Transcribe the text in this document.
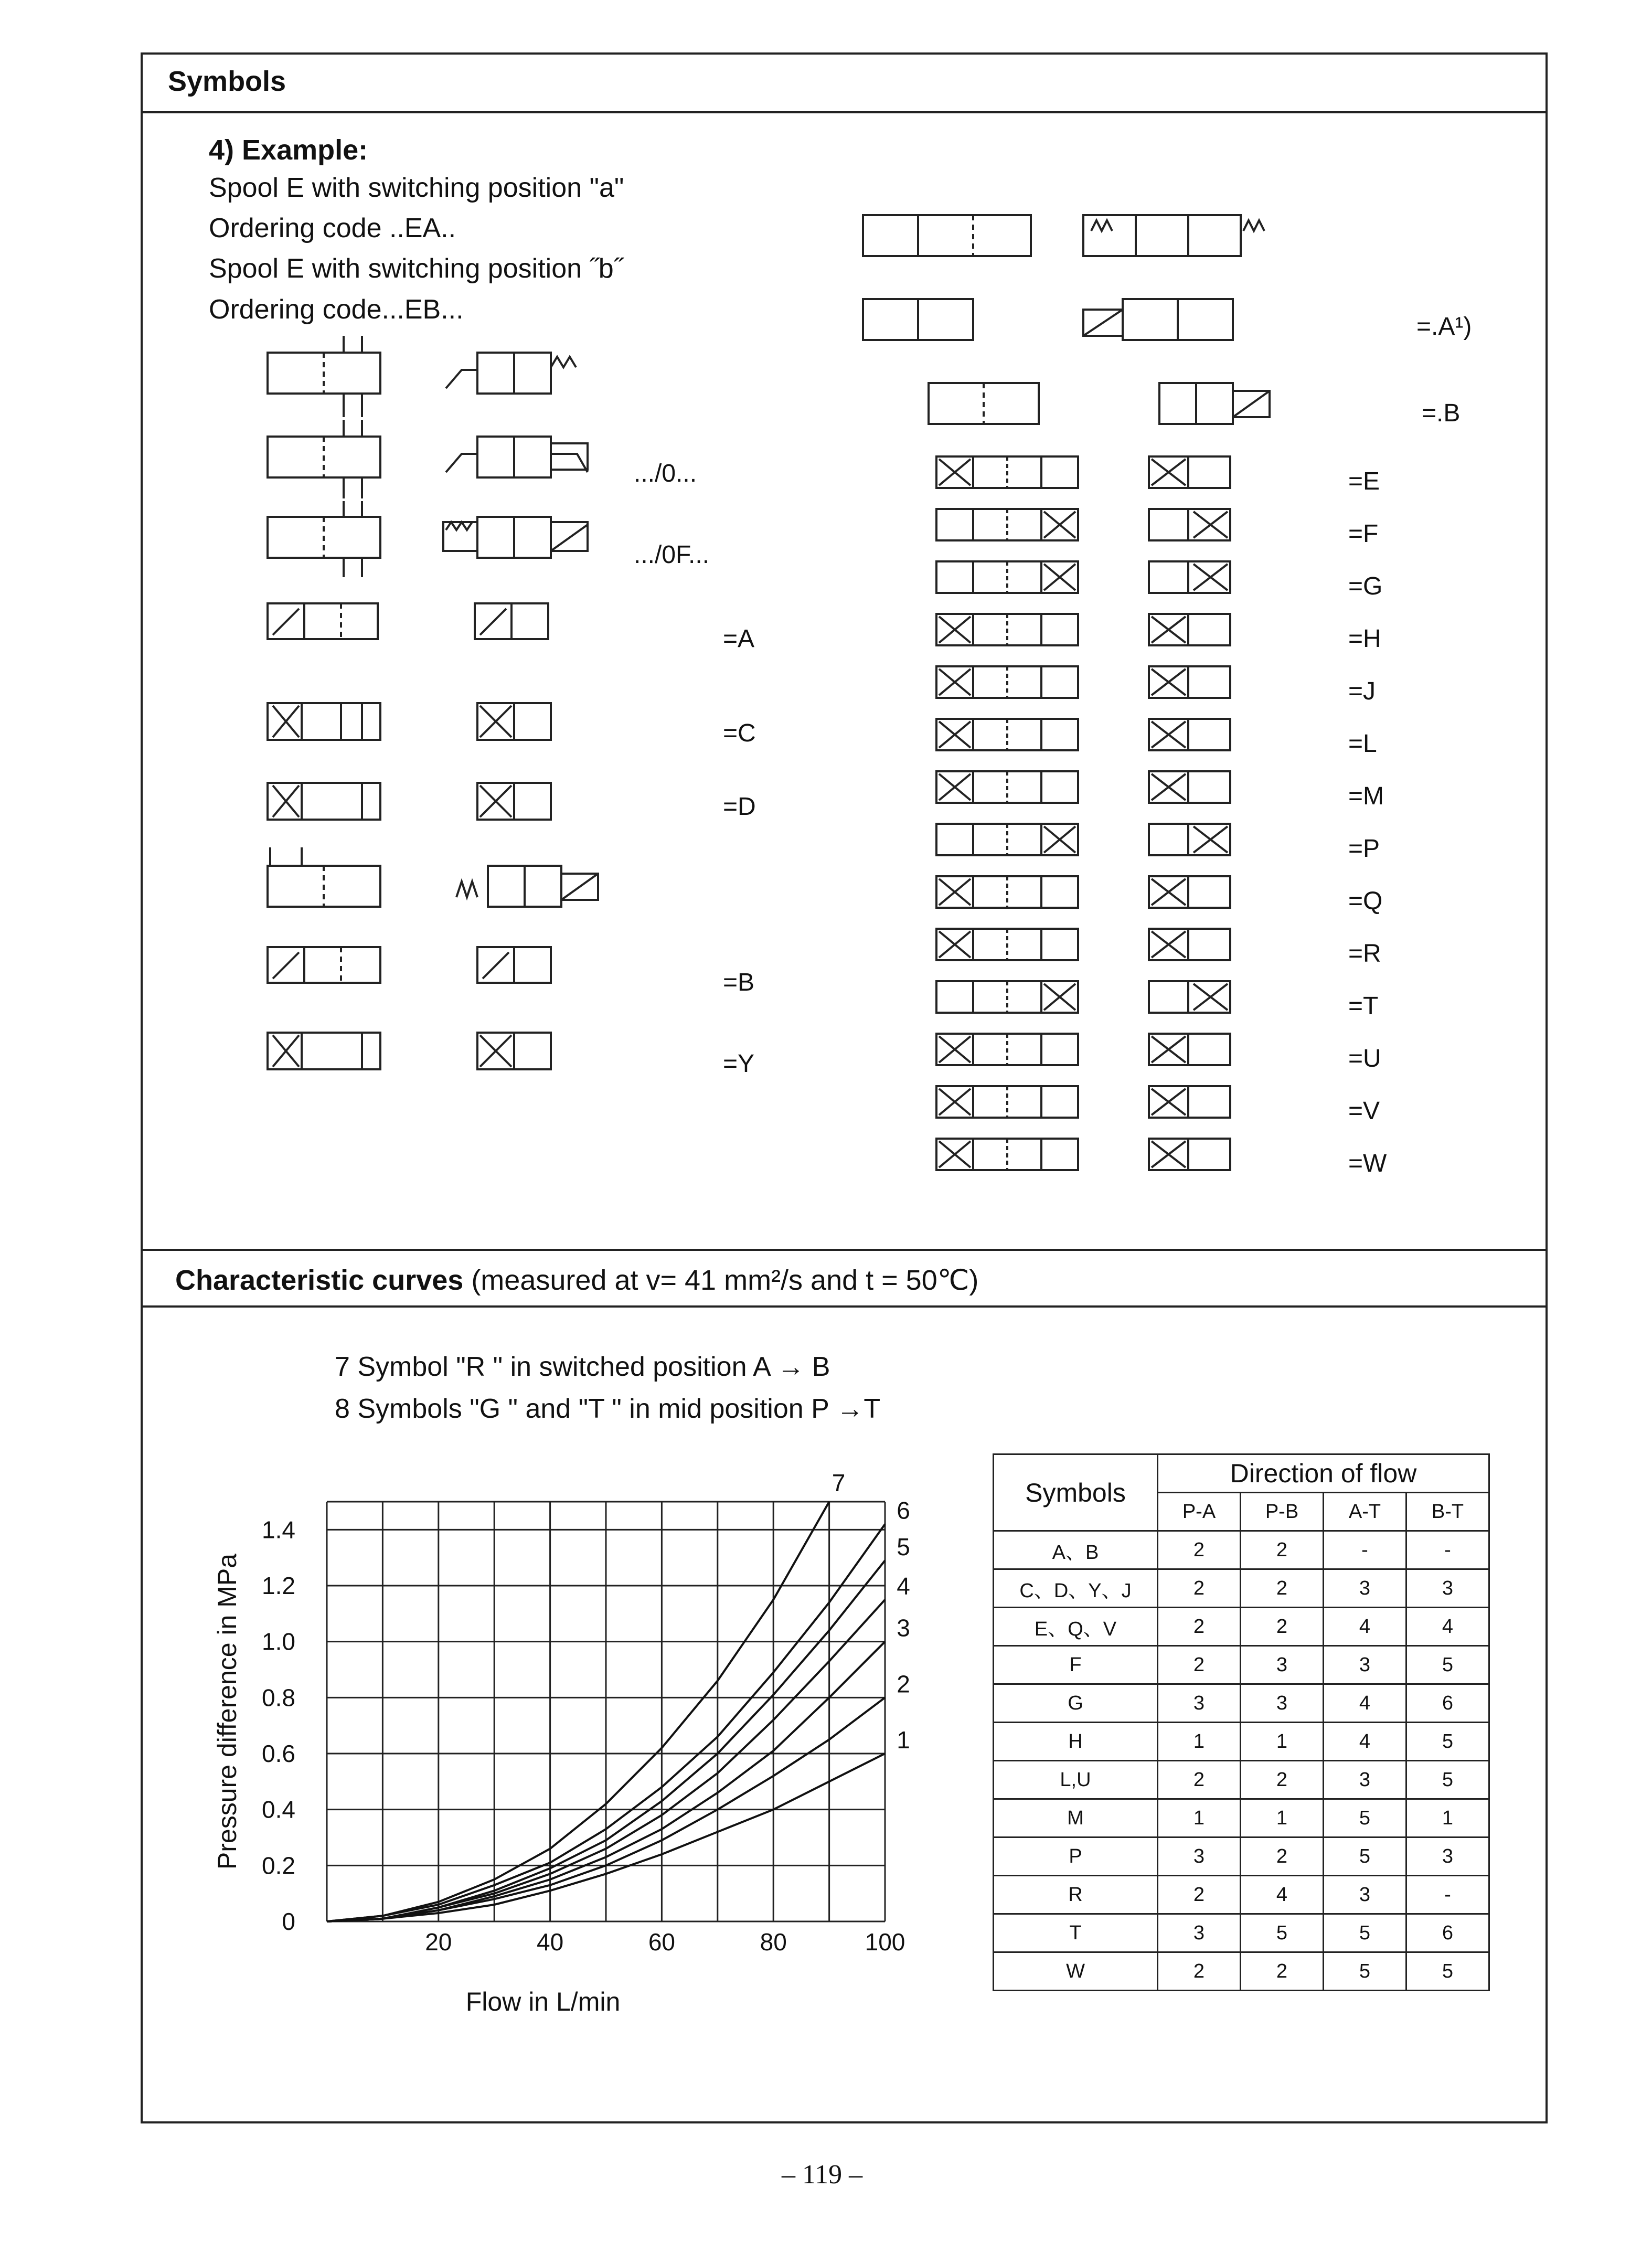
Symbols
Characteristic curves (measured at v= 41 mm²/s and t = 50℃)
4) Example:
Spool E with switching position "a"
Ordering code ..EA..
Spool E with switching position ˝b˝
Ordering code...EB...
.../0...
.../0F...
=A
=C
=D
=B
=Y
=.A¹)
=.B
=E
=F
=G
=H
=J
=L
=M
=P
=Q
=R
=T
=U
=V
=W
7 Symbol "R " in switched position A → B
8 Symbols "G " and "T " in mid position P →T
20	40	60	80	100
0
0.2
0.4
0.6
0.8
1.0
1.2
1.4
Flow in L/min
Pressure difference in MPa	1
2
3
4
5
6
7	Symbols	Direction of flow			
	P-A	P-B	A-T	B-T
A、B	2	2	-	-
C、D、Y、J	2	2	3	3
E、Q、V	2	2	4	4
F	2	3	3	5
G	3	3	4	6
H	1	1	4	5
L,U	2	2	3	5
M	1	1	5	1
P	3	2	5	3
R	2	4	3	-
T	3	5	5	6
W	2	2	5	5
– 119 –
